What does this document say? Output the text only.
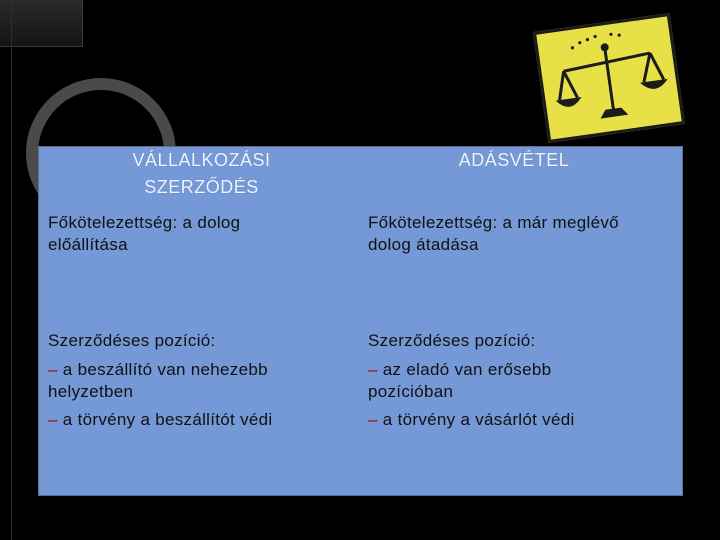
VÁLLALKOZÁSI
SZERZŐDÉS
ADÁSVÉTEL
Főkötelezettség: a dolog
előállítása
Főkötelezettség: a már meglévő
dolog átadása
Szerződéses pozíció:
– a beszállító van nehezebb
helyzetben
– a törvény a beszállítót védi
Szerződéses pozíció:
– az eladó van erősebb
pozícióban
– a törvény a vásárlót védi
